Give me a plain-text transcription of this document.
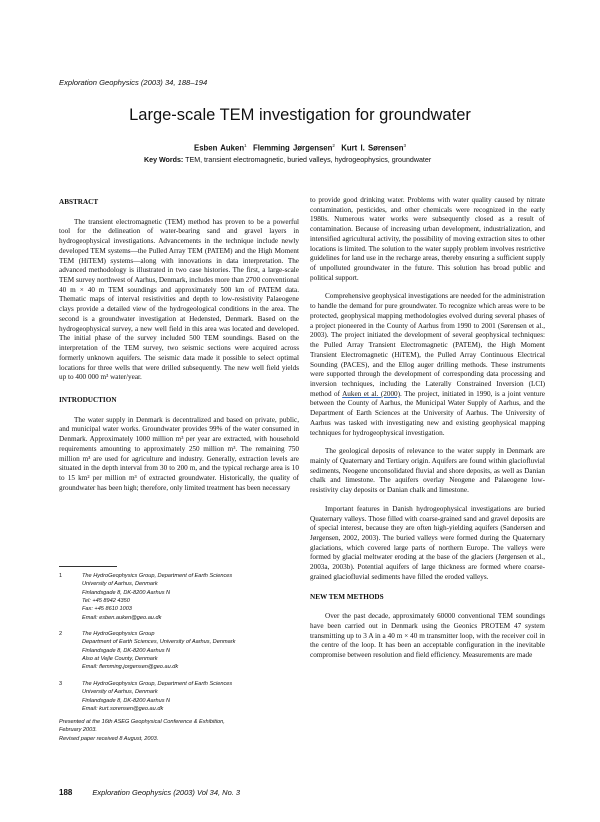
Exploration Geophysics (2003) 34, 188–194
Large-scale TEM investigation for groundwater
Esben Auken$^1$ Flemming Jørgensen$^2$ Kurt I. Sørensen$^3$
Key Words: TEM, transient electromagnetic, buried valleys, hydrogeophysics, groundwater
ABSTRACT

The transient electromagnetic (TEM) method has proven to be a powerful tool for the delineation of water-bearing sand and gravel layers in hydrogeophysical investigations. Advancements in the technique include newly developed TEM systems—the Pulled Array TEM (PATEM) and the High Moment TEM (HiTEM) systems—along with innovations in data interpretation. The advanced methodology is illustrated in two case histories. The first, a large-scale TEM survey northwest of Aarhus, Denmark, includes more than 2700 conventional 40 m × 40 m TEM soundings and approximately 500 km of PATEM data. Thematic maps of interval resistivities and depth to low-resistivity Palaeogene clays provide a detailed view of the hydrogeological conditions in the area. The second is a groundwater investigation at Hedensted, Denmark. Based on the hydrogeophysical survey, a new well field in this area was located and developed. The initial phase of the survey included 500 TEM soundings. Based on the interpretation of the TEM survey, two seismic sections were acquired across formerly unknown aquifers. The seismic data made it possible to select optimal locations for three wells that were drilled subsequently. The new well field yields up to 400 000 m³ water/year.

INTRODUCTION

The water supply in Denmark is decentralized and based on private, public, and municipal water works. Groundwater provides 99% of the water consumed in Denmark. Approximately 1000 million m³ per year are extracted, with household requirements amounting to approximately 250 million m³. The remaining 750 million m³ are used for agriculture and industry. Generally, extraction levels are situated in the depth interval from 30 to 200 m, and the typical recharge area is 10 to 15 km² per million m³ of extracted groundwater. Historically, the quality of groundwater has been high; therefore, only limited treatment has been necessary

1	The HydroGeophysics Group, Department of Earth Sciences
University of Aarhus, Denmark
Finlandsgade 8, DK-8200 Aarhus N
Tel: +45 8942 4350
Fax: +45 8610 1003
Email: esben.auken@geo.au.dk
2	The HydroGeophysics Group
Department of Earth Sciences, University of Aarhus, Denmark
Finlandsgade 8, DK-8200 Aarhus N
Also at Vejle County, Denmark
Email: flemming.jorgensen@geo.au.dk
3	The HydroGeophysics Group, Department of Earth Sciences
University of Aarhus, Denmark
Finlandsgade 8, DK-8200 Aarhus N
Email: kurt.sorensen@geo.au.dk
Presented at the 16th ASEG Geophysical Conference & Exhibition,
February 2003.
Revised paper received 8 August, 2003.

to provide good drinking water. Problems with water quality caused by nitrate contamination, pesticides, and other chemicals were recognized in the early 1980s. Numerous water works were subsequently closed as a result of contamination. Because of increasing urban development, industrialization, and intensified agricultural activity, the possibility of moving extraction sites to other locations is limited. The solution to the water supply problem involves restrictive guidelines for land use in the recharge areas, thereby ensuring a sufficient supply of unpolluted groundwater in the future. This solution has broad public and political support.

Comprehensive geophysical investigations are needed for the administration to handle the demand for pure groundwater. To recognize which areas were to be protected, geophysical mapping methodologies evolved during several phases of a project pioneered in the County of Aarhus from 1990 to 2001 (Sørensen et al., 2003). The project initiated the development of several geophysical techniques: the Pulled Array Transient Electromagnetic (PATEM), the High Moment Transient Electromagnetic (HiTEM), the Pulled Array Continuous Electrical Sounding (PACES), and the Ellog auger drilling methods. These instruments were supported through the development of corresponding data processing and inversion techniques, including the Laterally Constrained Inversion (LCI) method of Auken et al. (2000). The project, initiated in 1990, is a joint venture between the County of Aarhus, the Municipal Water Supply of Aarhus, and the Department of Earth Sciences at the University of Aarhus. The University of Aarhus was tasked with investigating new and existing geophysical mapping techniques for hydrogeophysical investigation.

The geological deposits of relevance to the water supply in Denmark are mainly of Quaternary and Tertiary origin. Aquifers are found within glaciofluvial sediments, Neogene unconsolidated fluvial and shore deposits, as well as Danian chalk and limestone. The aquifers overlay Neogene and Palaeogene low-resistivity clay deposits or Danian chalk and limestone.

Important features in Danish hydrogeophysical investigations are buried Quaternary valleys. Those filled with coarse-grained sand and gravel deposits are of special interest, because they are often high-yielding aquifers (Sandersen and Jørgensen, 2002, 2003). The buried valleys were formed during the Quaternary glaciations, which covered large parts of northern Europe. The valleys were formed by glacial meltwater eroding at the base of the glaciers (Jørgensen et al., 2003a, 2003b). Potential aquifers of large thickness are formed where coarse-grained glaciofluvial sediments have filled the eroded valleys.

NEW TEM METHODS

Over the past decade, approximately 60000 conventional TEM soundings have been carried out in Denmark using the Geonics PROTEM 47 system transmitting up to 3 A in a 40 m × 40 m transmitter loop, with the receiver coil in the centre of the loop. It has been an acceptable configuration in the inevitable compromise between resolution and field efficiency. Measurements are made

188	Exploration Geophysics (2003) Vol 34, No. 3
